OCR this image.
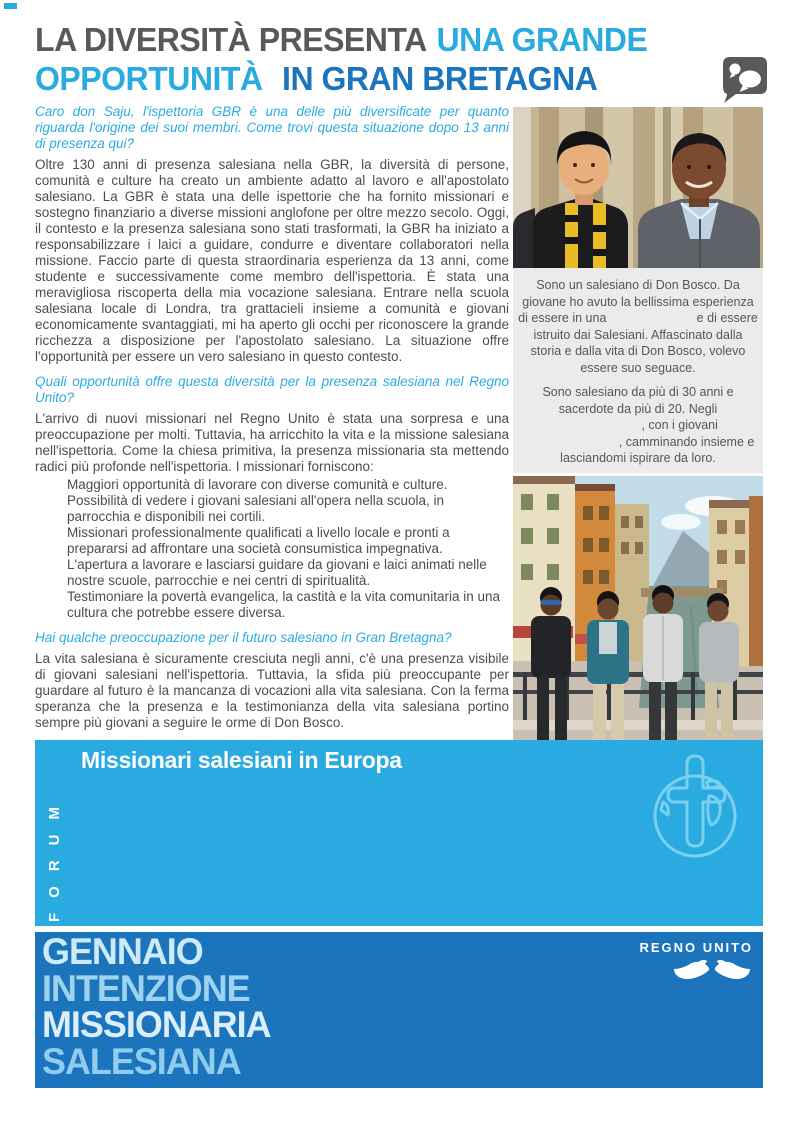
LA DIVERSITÀ PRESENTA UNA GRANDE
OPPORTUNITÀ IN GRAN BRETAGNA

Caro don Saju, l'ispettoria GBR è una delle più diversificate per quanto riguarda l'origine dei suoi membri. Come trovi questa situazione dopo 13 anni di presenza qui?

Oltre 130 anni di presenza salesiana nella GBR, la diversità di persone, comunità e culture ha creato un ambiente adatto al lavoro e all'apostolato salesiano. La GBR è stata una delle ispettorie che ha fornito missionari e sostegno finanziario a diverse missioni anglofone per oltre mezzo secolo. Oggi, il contesto e la presenza salesiana sono stati trasformati, la GBR ha iniziato a responsabilizzare i laici a guidare, condurre e diventare collaboratori nella missione. Faccio parte di questa straordinaria esperienza da 13 anni, come studente e successivamente come membro dell'ispettoria. È stata una meravigliosa riscoperta della mia vocazione salesiana. Entrare nella scuola salesiana locale di Londra, tra grattacieli insieme a comunità e giovani economicamente svantaggiati, mi ha aperto gli occhi per riconoscere la grande ricchezza a disposizione per l'apostolato salesiano. La situazione offre l'opportunità per essere un vero salesiano in questo contesto.

Quali opportunità offre questa diversità per la presenza salesiana nel Regno Unito?

L'arrivo di nuovi missionari nel Regno Unito è stata una sorpresa e una preoccupazione per molti. Tuttavia, ha arricchito la vita e la missione salesiana nell'ispettoria. Come la chiesa primitiva, la presenza missionaria sta mettendo radici più profonde nell'ispettoria. I missionari forniscono:

Maggiori opportunità di lavorare con diverse comunità e culture.

Possibilità di vedere i giovani salesiani all'opera nella scuola, in parrocchia e disponibili nei cortili.

Missionari professionalmente qualificati a livello locale e pronti a prepararsi ad affrontare una società consumistica impegnativa.

L'apertura a lavorare e lasciarsi guidare da giovani e laici animati nelle nostre scuole, parrocchie e nei centri di spiritualità.

Testimoniare la povertà evangelica, la castità e la vita comunitaria in una cultura che potrebbe essere diversa.

Hai qualche preoccupazione per il futuro salesiano in Gran Bretagna?

La vita salesiana è sicuramente cresciuta negli anni, c'è una presenza visibile di giovani salesiani nell'ispettoria. Tuttavia, la sfida più preoccupante per guardare al futuro è la mancanza di vocazioni alla vita salesiana. Con la ferma speranza che la presenza e la testimonianza della vita salesiana portino sempre più giovani a seguire le orme di Don Bosco.

Sono un salesiano di Don Bosco. Da giovane ho avuto la bellissima esperienza di essere in una                          e di essere istruito dai Salesiani. Affascinato dalla storia e dalla vita di Don Bosco, volevo essere suo seguace.

Sono salesiano da più di 30 anni e sacerdote da più di 20. Negli                         , con i giovani                             , camminando insieme e lasciandomi ispirare da loro.

FORUM
Missionari salesiani in Europa
GENNAIO
INTENZIONE
MISSIONARIA
SALESIANA
REGNO UNITO
